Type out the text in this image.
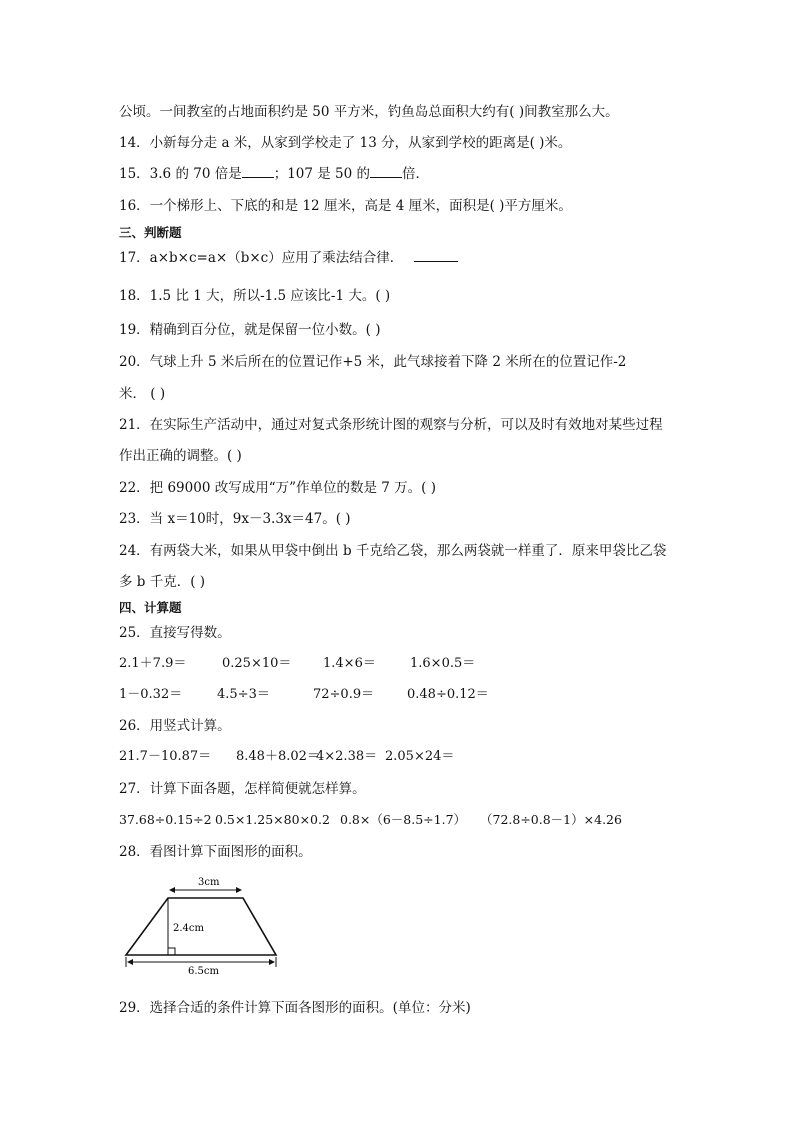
公顷。一间教室的占地面积约是 50 平方米，钓鱼岛总面积大约有( )间教室那么大。
14．小新每分走 a 米，从家到学校走了 13 分，从家到学校的距离是( )米。
15．3.6 的 70 倍是 ；107 是 50 的 倍．
16．一个梯形上、下底的和是 12 厘米，高是 4 厘米，面积是( )平方厘米。
三、判断题
17．a×b×c=a×（b×c）应用了乘法结合律．
18．1.5 比 1 大，所以-1.5 应该比-1 大。( )
19．精确到百分位，就是保留一位小数。( )
20．气球上升 5 米后所在的位置记作+5 米，此气球接着下降 2 米所在的位置记作-2
米． ( )
21．在实际生产活动中，通过对复式条形统计图的观察与分析，可以及时有效地对某些过程
作出正确的调整。( )
22．把 69000 改写成用“万”作单位的数是 7 万。( )
23．当 x＝10时，9x－3.3x＝47。( )
24．有两袋大米，如果从甲袋中倒出 b 千克给乙袋，那么两袋就一样重了．原来甲袋比乙袋
多 b 千克．( )
四、计算题
25．直接写得数。
2.1＋7.9＝	0.25×10＝ 1.4×6＝	1.6×0.5＝
1－0.32＝	4.5÷3＝	72÷0.9＝	0.48÷0.12＝
26．用竖式计算。
21.7－10.87＝ 8.48＋8.02＝
4×2.38＝ 2.05×24＝
27．计算下面各题，怎样简便就怎样算。
37.68÷0.15÷2 0.5×1.25×80×0.2 0.8×（6－8.5÷1.7） （72.8÷0.8－1）×4.26
28．看图计算下面图形的面积。
3cm
2.4cm
6.5cm
29．选择合适的条件计算下面各图形的面积。(单位：分米)
